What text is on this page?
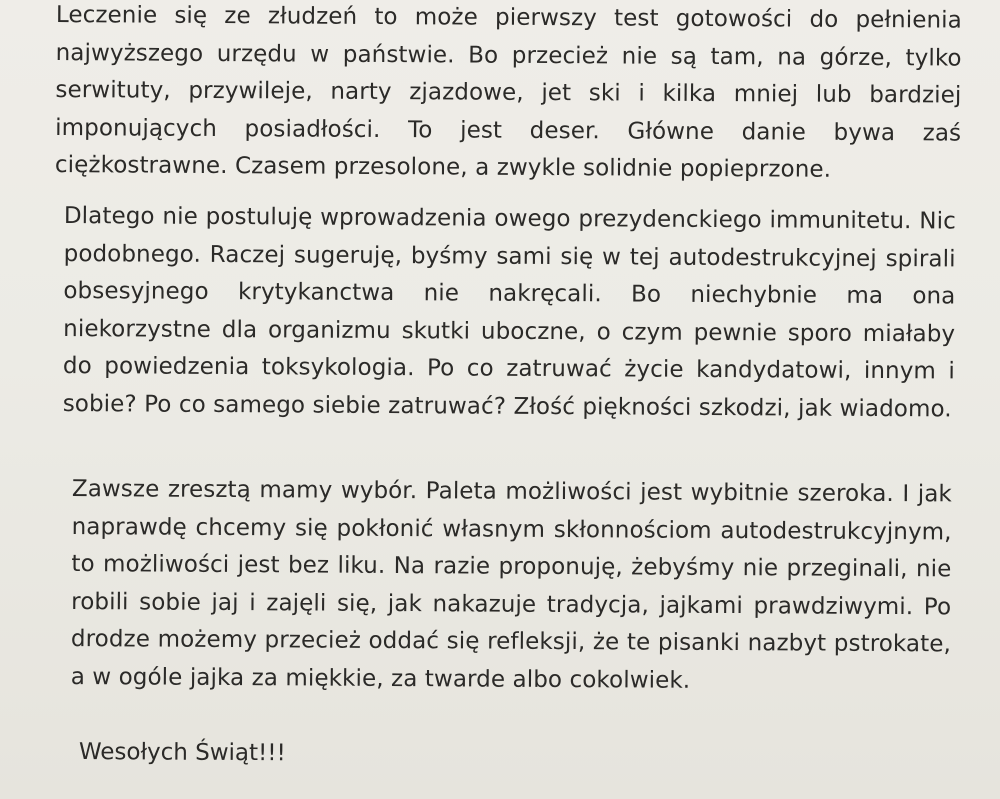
Leczenie się ze złudzeń to może pierwszy test gotowości do pełnienia najwyższego urzędu w państwie. Bo przecież nie są tam, na górze, tylko serwituty, przywileje, narty zjazdowe, jet ski i kilka mniej lub bardziej imponujących posiadłości. To jest deser. Główne danie bywa zaś ciężkostrawne. Czasem przesolone, a zwykle solidnie popieprzone.
Dlatego nie postuluję wprowadzenia owego prezydenckiego immunitetu. Nic podobnego. Raczej sugeruję, byśmy sami się w tej autodestrukcyjnej spirali obsesyjnego krytykanctwa nie nakręcali. Bo niechybnie ma ona niekorzystne dla organizmu skutki uboczne, o czym pewnie sporo miałaby do powiedzenia toksykologia. Po co zatruwać życie kandydatowi, innym i sobie? Po co samego siebie zatruwać? Złość piękności szkodzi, jak wiadomo.
Zawsze zresztą mamy wybór. Paleta możliwości jest wybitnie szeroka. I jak naprawdę chcemy się pokłonić własnym skłonnościom autodestrukcyjnym, to możliwości jest bez liku. Na razie proponuję, żebyśmy nie przeginali, nie robili sobie jaj i zajęli się, jak nakazuje tradycja, jajkami prawdziwymi. Po drodze możemy przecież oddać się refleksji, że te pisanki nazbyt pstrokate, a w ogóle jajka za miękkie, za twarde albo cokolwiek.
Wesołych Świąt!!!
